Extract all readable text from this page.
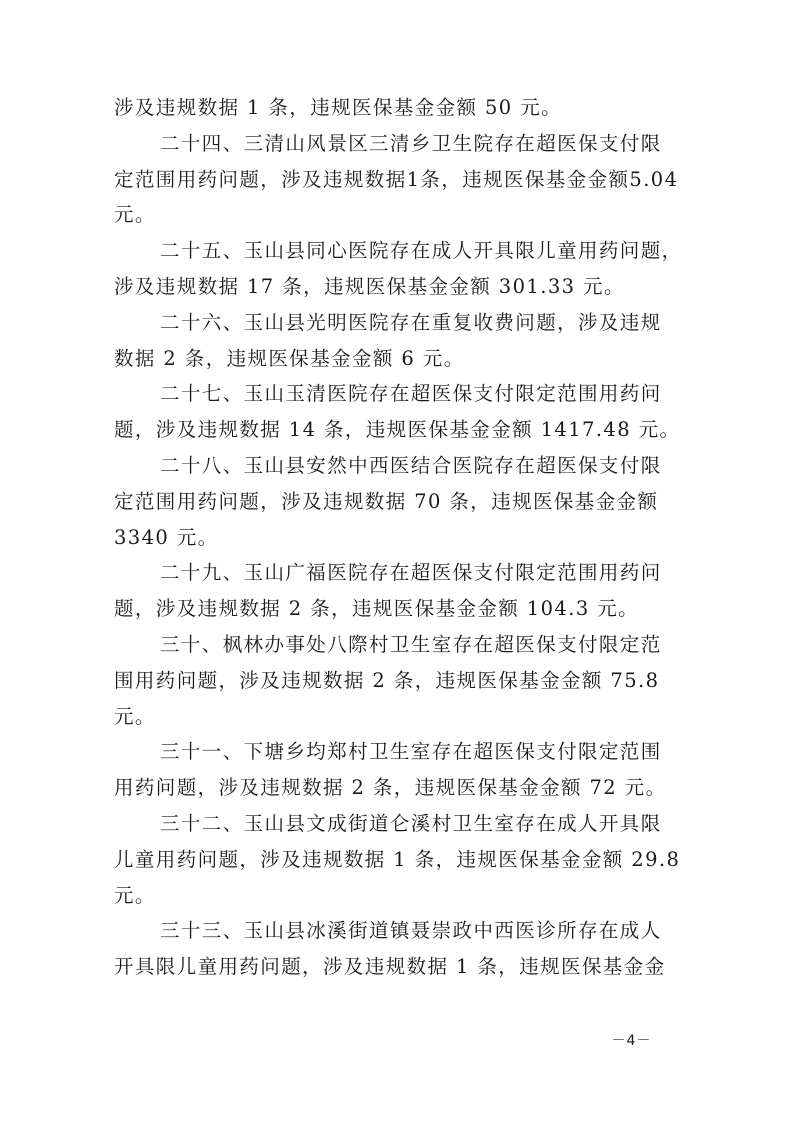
涉及违规数据 1 条，违规医保基金金额 50 元。
二十四、三清山风景区三清乡卫生院存在超医保支付限
定范围用药问题，涉及违规数据1条，违规医保基金金额5.04
元。
二十五、玉山县同心医院存在成人开具限儿童用药问题，
涉及违规数据 17 条，违规医保基金金额 301.33 元。
二十六、玉山县光明医院存在重复收费问题，涉及违规
数据 2 条，违规医保基金金额 6 元。
二十七、玉山玉清医院存在超医保支付限定范围用药问
题，涉及违规数据 14 条，违规医保基金金额 1417.48 元。
二十八、玉山县安然中西医结合医院存在超医保支付限
定范围用药问题，涉及违规数据 70 条，违规医保基金金额
3340 元。
二十九、玉山广福医院存在超医保支付限定范围用药问
题，涉及违规数据 2 条，违规医保基金金额 104.3 元。
三十、枫林办事处八際村卫生室存在超医保支付限定范
围用药问题，涉及违规数据 2 条，违规医保基金金额 75.8
元。
三十一、下塘乡均郑村卫生室存在超医保支付限定范围
用药问题，涉及违规数据 2 条，违规医保基金金额 72 元。
三十二、玉山县文成街道仑溪村卫生室存在成人开具限
儿童用药问题，涉及违规数据 1 条，违规医保基金金额 29.8
元。
三十三、玉山县冰溪街道镇聂崇政中西医诊所存在成人
开具限儿童用药问题，涉及违规数据 1 条，违规医保基金金
－4－
